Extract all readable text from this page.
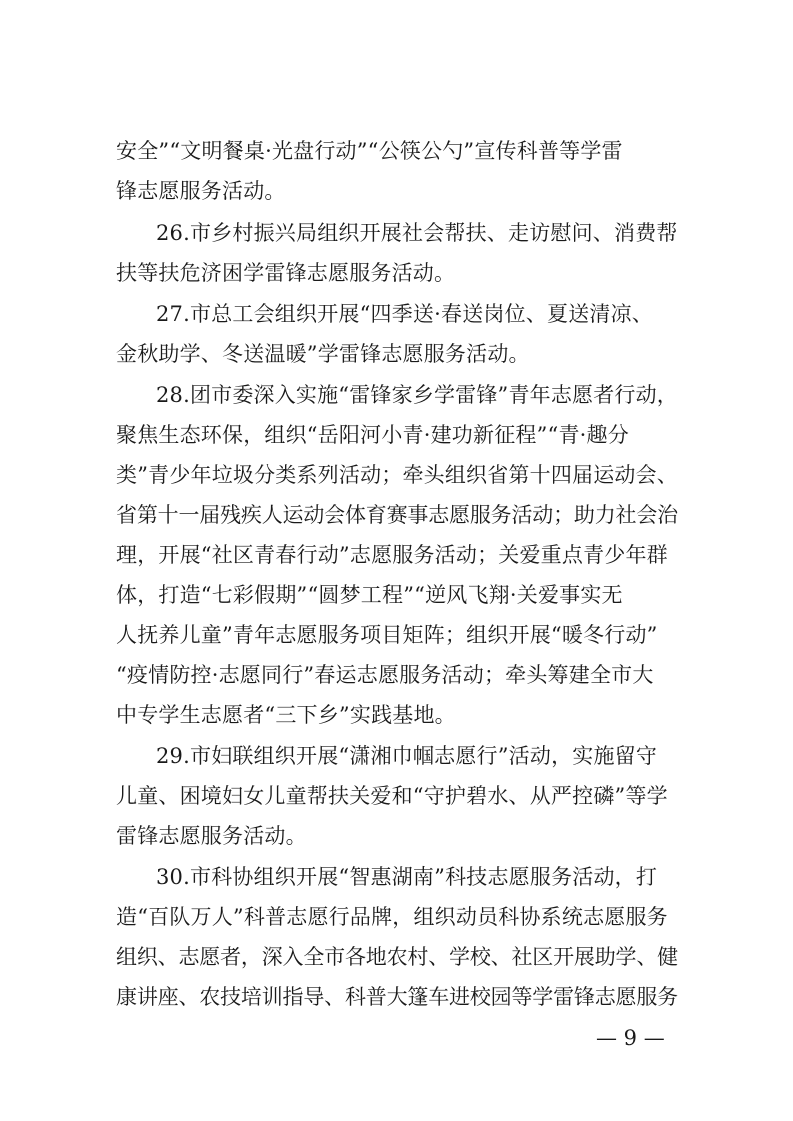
安全”“文明餐桌·光盘行动”“公筷公勺”宣传科普等学雷
锋志愿服务活动。
26.市乡村振兴局组织开展社会帮扶、走访慰问、消费帮
扶等扶危济困学雷锋志愿服务活动。
27.市总工会组织开展“四季送·春送岗位、夏送清凉、
金秋助学、冬送温暖”学雷锋志愿服务活动。
28.团市委深入实施“雷锋家乡学雷锋”青年志愿者行动，
聚焦生态环保，组织“岳阳河小青·建功新征程”“青·趣分
类”青少年垃圾分类系列活动；牵头组织省第十四届运动会、
省第十一届残疾人运动会体育赛事志愿服务活动；助力社会治
理，开展“社区青春行动”志愿服务活动；关爱重点青少年群
体，打造“七彩假期”“圆梦工程”“逆风飞翔·关爱事实无
人抚养儿童”青年志愿服务项目矩阵；组织开展“暖冬行动”
“疫情防控·志愿同行”春运志愿服务活动；牵头筹建全市大
中专学生志愿者“三下乡”实践基地。
29.市妇联组织开展“潇湘巾帼志愿行”活动，实施留守
儿童、困境妇女儿童帮扶关爱和“守护碧水、从严控磷”等学
雷锋志愿服务活动。
30.市科协组织开展“智惠湖南”科技志愿服务活动，打
造“百队万人”科普志愿行品牌，组织动员科协系统志愿服务
组织、志愿者，深入全市各地农村、学校、社区开展助学、健
康讲座、农技培训指导、科普大篷车进校园等学雷锋志愿服务
— 9 —
